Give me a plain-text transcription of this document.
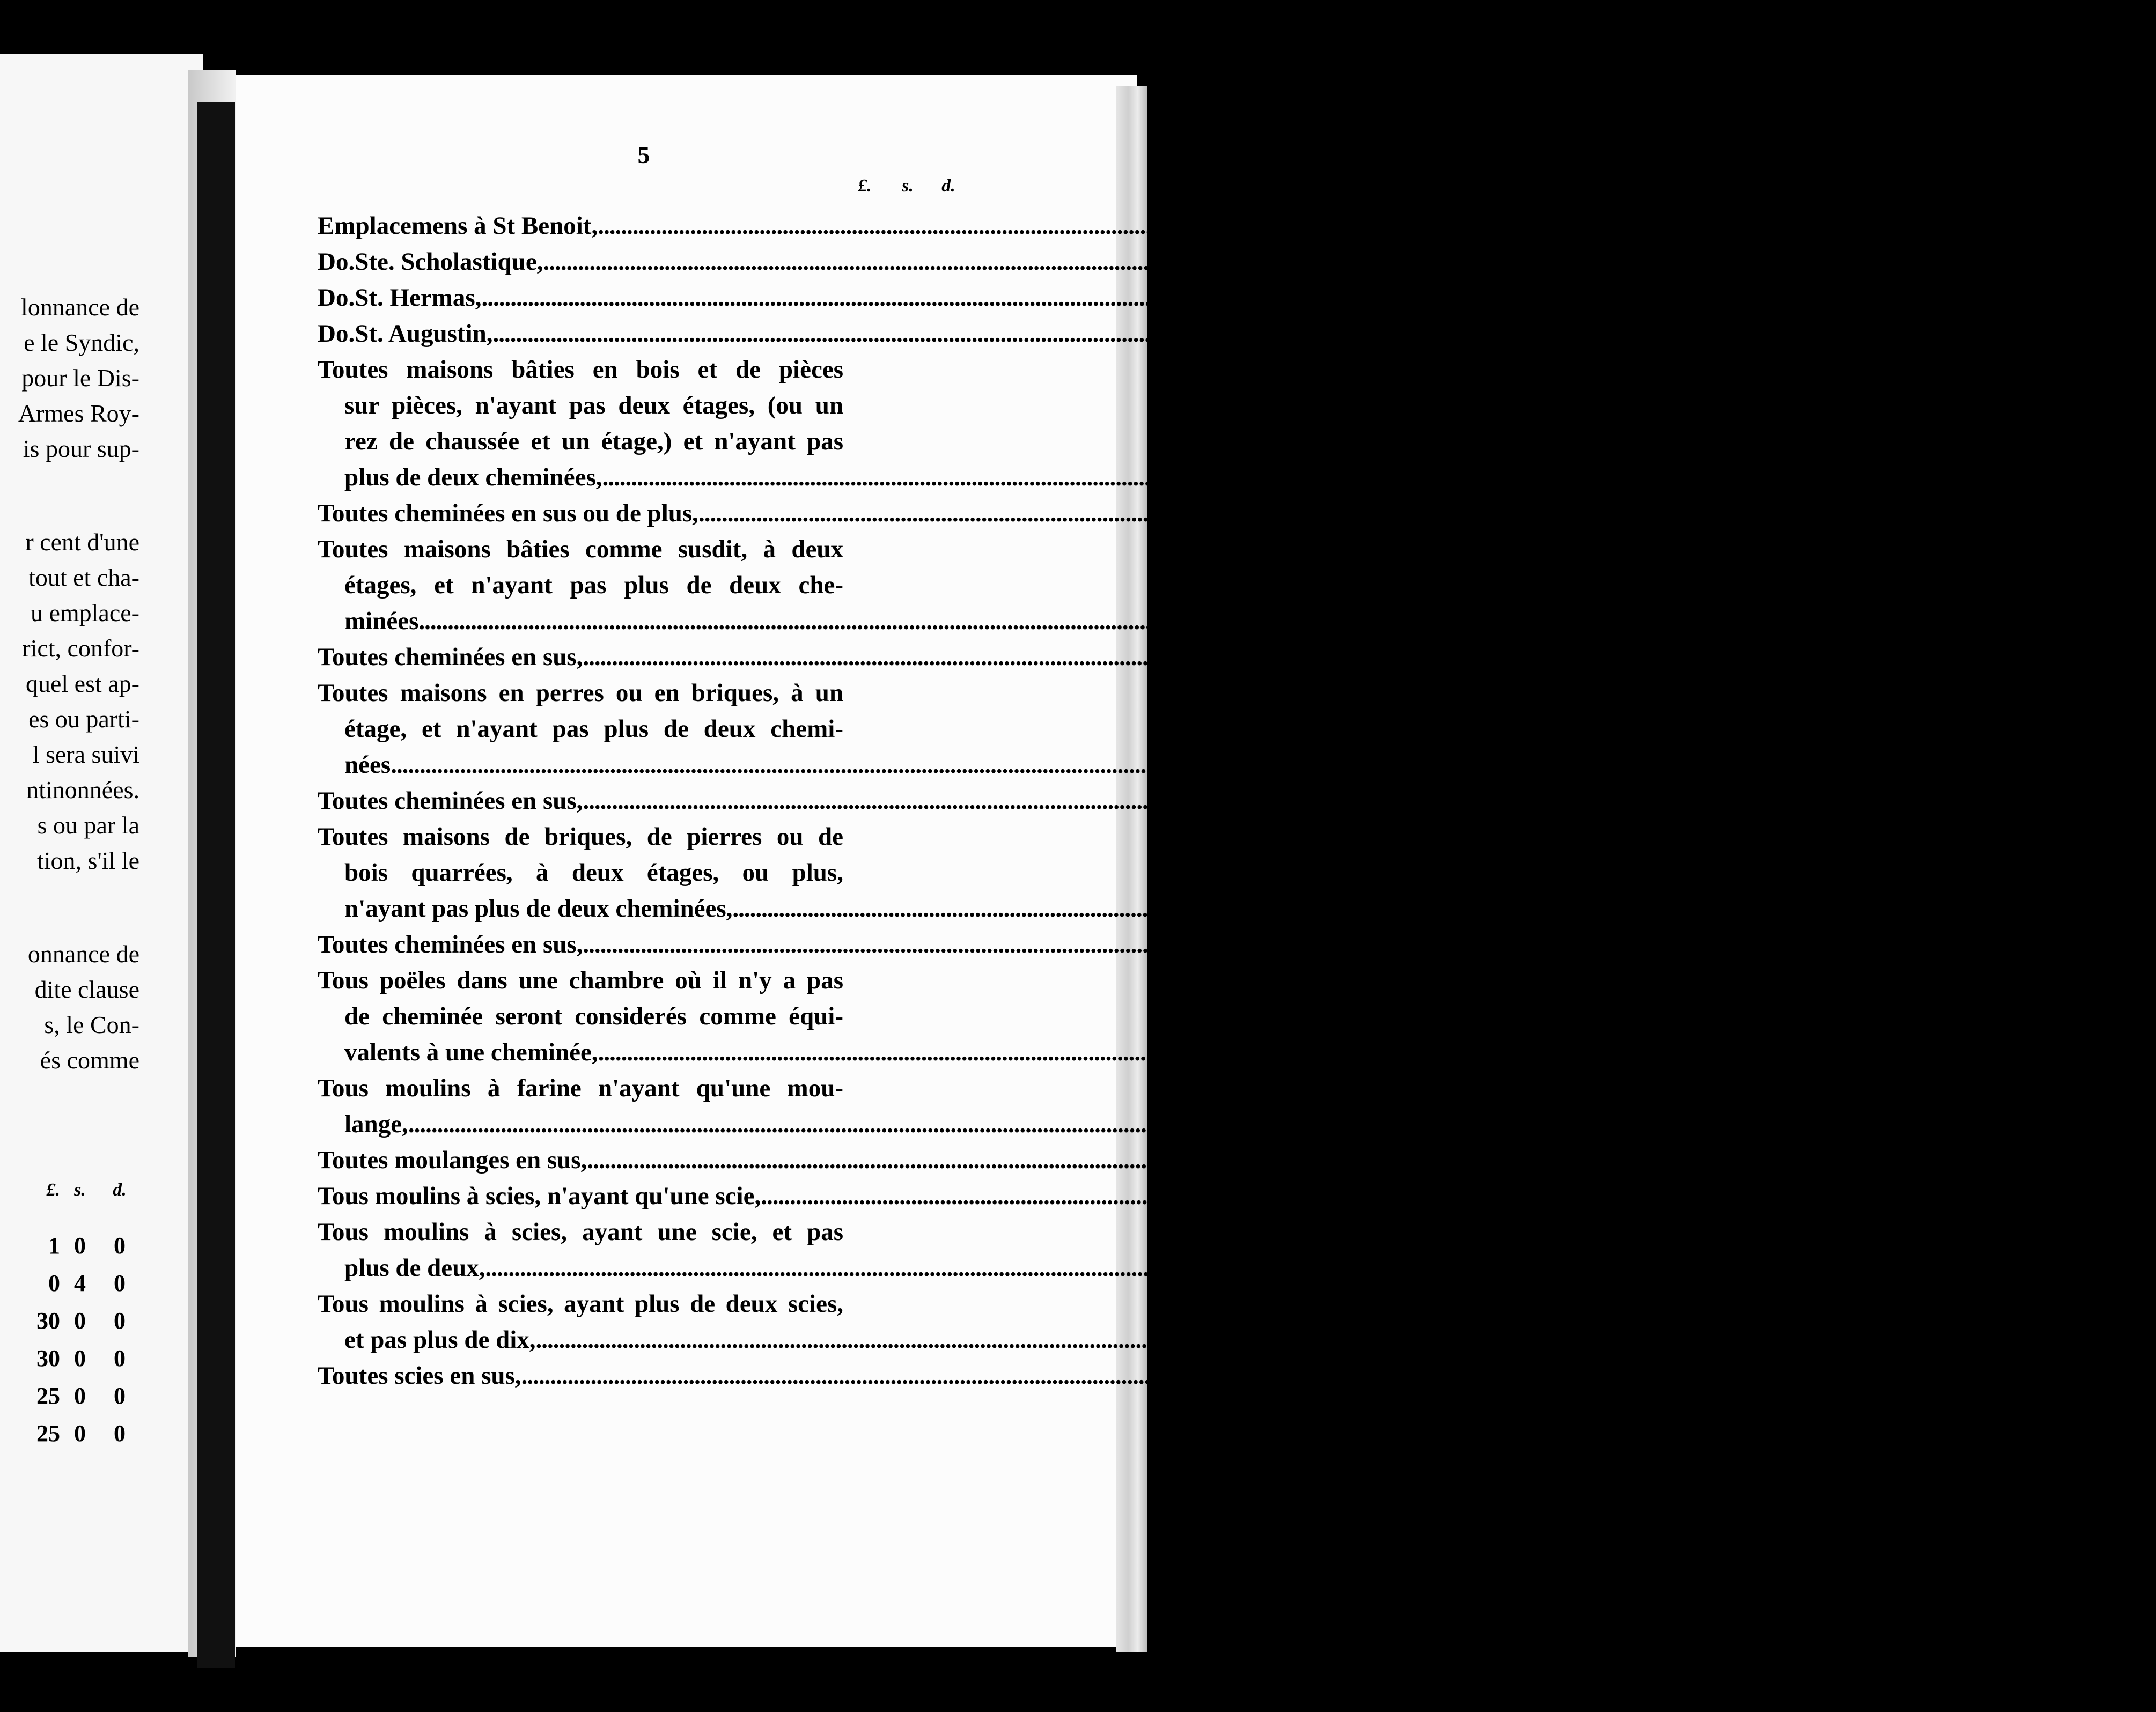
lonnance de
e le Syndic,
pour le Dis-
Armes Roy-
is pour sup-
r cent d'une
tout et cha-
u emplace-
rict, confor-
quel est ap-
es ou parti-
l sera suivi
ntinonnées.
s ou par la
tion, s'il le
onnance de
dite clause
s, le Con-
és comme
£. s.	d.
1 0	0
0 4	0
30 0	0
30 0	0
25 0	0
25 0	0
5
£.	s.	d.
Emplacemens à St Benoit, ............................................................................................................................................................................................................................ 15 0	0
Do. Ste. Scholastique, ............................................................................................................................................................................................................................ 15 0	0
Do. St. Hermas, ............................................................................................................................................................................................................................ 15 0	0
Do. St. Augustin, ............................................................................................................................................................................................................................ 15 0	0
Toutes maisons bâties en bois et de pièces
sur pièces, n'ayant pas deux étages, (ou un
rez de chaussée et un étage,) et n'ayant pas
plus de deux cheminées, ............................................................................................................................................................................................................................ 15 0	0
Toutes cheminées en sus ou de plus, ............................................................................................................................................................................................................................ 3	0	0
Toutes maisons bâties comme susdit, à deux
étages, et n'ayant pas plus de deux che-
minées ............................................................................................................................................................................................................................ 20 0	0
Toutes cheminées en sus, ............................................................................................................................................................................................................................ 3	0	0
Toutes maisons en perres ou en briques, à un
étage, et n'ayant pas plus de deux chemi-
nées ............................................................................................................................................................................................................................ 30 0	0
Toutes cheminées en sus, ............................................................................................................................................................................................................................ 3	0	0
Toutes maisons de briques, de pierres ou de
bois quarrées, à deux étages, ou plus,
n'ayant pas plus de deux cheminées, ............................................................................................................................................................................................................................ 45 0	0
Toutes cheminées en sus, ............................................................................................................................................................................................................................ 3	0	0
Tous poëles dans une chambre où il n'y a pas
de cheminée seront considerés comme équi-
valents à une cheminée, ............................................................................................................................................................................................................................ 3	0	0
Tous moulins à farine n'ayant qu'une mou-
lange, ............................................................................................................................................................................................................................ 100 0	0
Toutes moulanges en sus, ............................................................................................................................................................................................................................ 25 0	0
Tous moulins à scies, n'ayant qu'une scie, ............................................................................................................................................................................................................................ 40 0	0
Tous moulins à scies, ayant une scie, et pas
plus de deux, ............................................................................................................................................................................................................................ 60 0	0
Tous moulins à scies, ayant plus de deux scies,
et pas plus de dix, ............................................................................................................................................................................................................................ 150 0	0
Toutes scies en sus, ............................................................................................................................................................................................................................ 5	0	0
